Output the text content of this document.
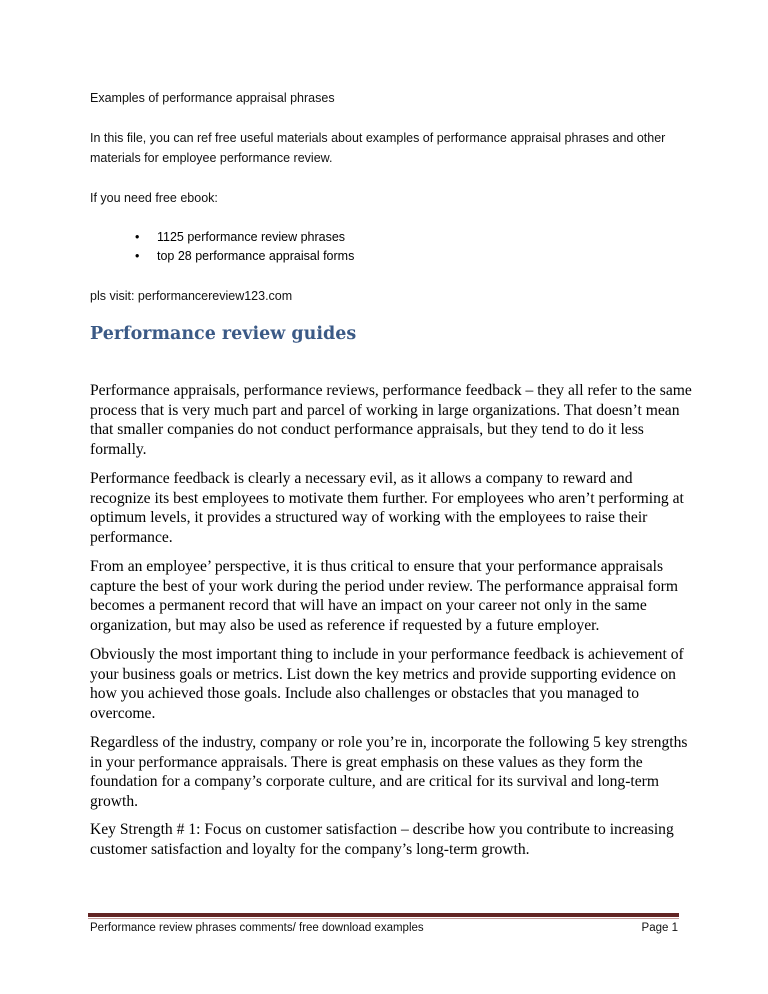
Examples of performance appraisal phrases
In this file, you can ref free useful materials about examples of performance appraisal phrases and other
materials for employee performance review.
If you need free ebook:
• 1125 performance review phrases
• top 28 performance appraisal forms
pls visit: performancereview123.com
Performance review guides
Performance appraisals, performance reviews, performance feedback – they all refer to the same
process that is very much part and parcel of working in large organizations. That doesn’t mean
that smaller companies do not conduct performance appraisals, but they tend to do it less
formally.
Performance feedback is clearly a necessary evil, as it allows a company to reward and
recognize its best employees to motivate them further. For employees who aren’t performing at
optimum levels, it provides a structured way of working with the employees to raise their
performance.
From an employee’ perspective, it is thus critical to ensure that your performance appraisals
capture the best of your work during the period under review. The performance appraisal form
becomes a permanent record that will have an impact on your career not only in the same
organization, but may also be used as reference if requested by a future employer.
Obviously the most important thing to include in your performance feedback is achievement of
your business goals or metrics. List down the key metrics and provide supporting evidence on
how you achieved those goals. Include also challenges or obstacles that you managed to
overcome.
Regardless of the industry, company or role you’re in, incorporate the following 5 key strengths
in your performance appraisals. There is great emphasis on these values as they form the
foundation for a company’s corporate culture, and are critical for its survival and long-term
growth.
Key Strength # 1: Focus on customer satisfaction – describe how you contribute to increasing
customer satisfaction and loyalty for the company’s long-term growth.
Performance review phrases comments/ free download examples	Page 1
